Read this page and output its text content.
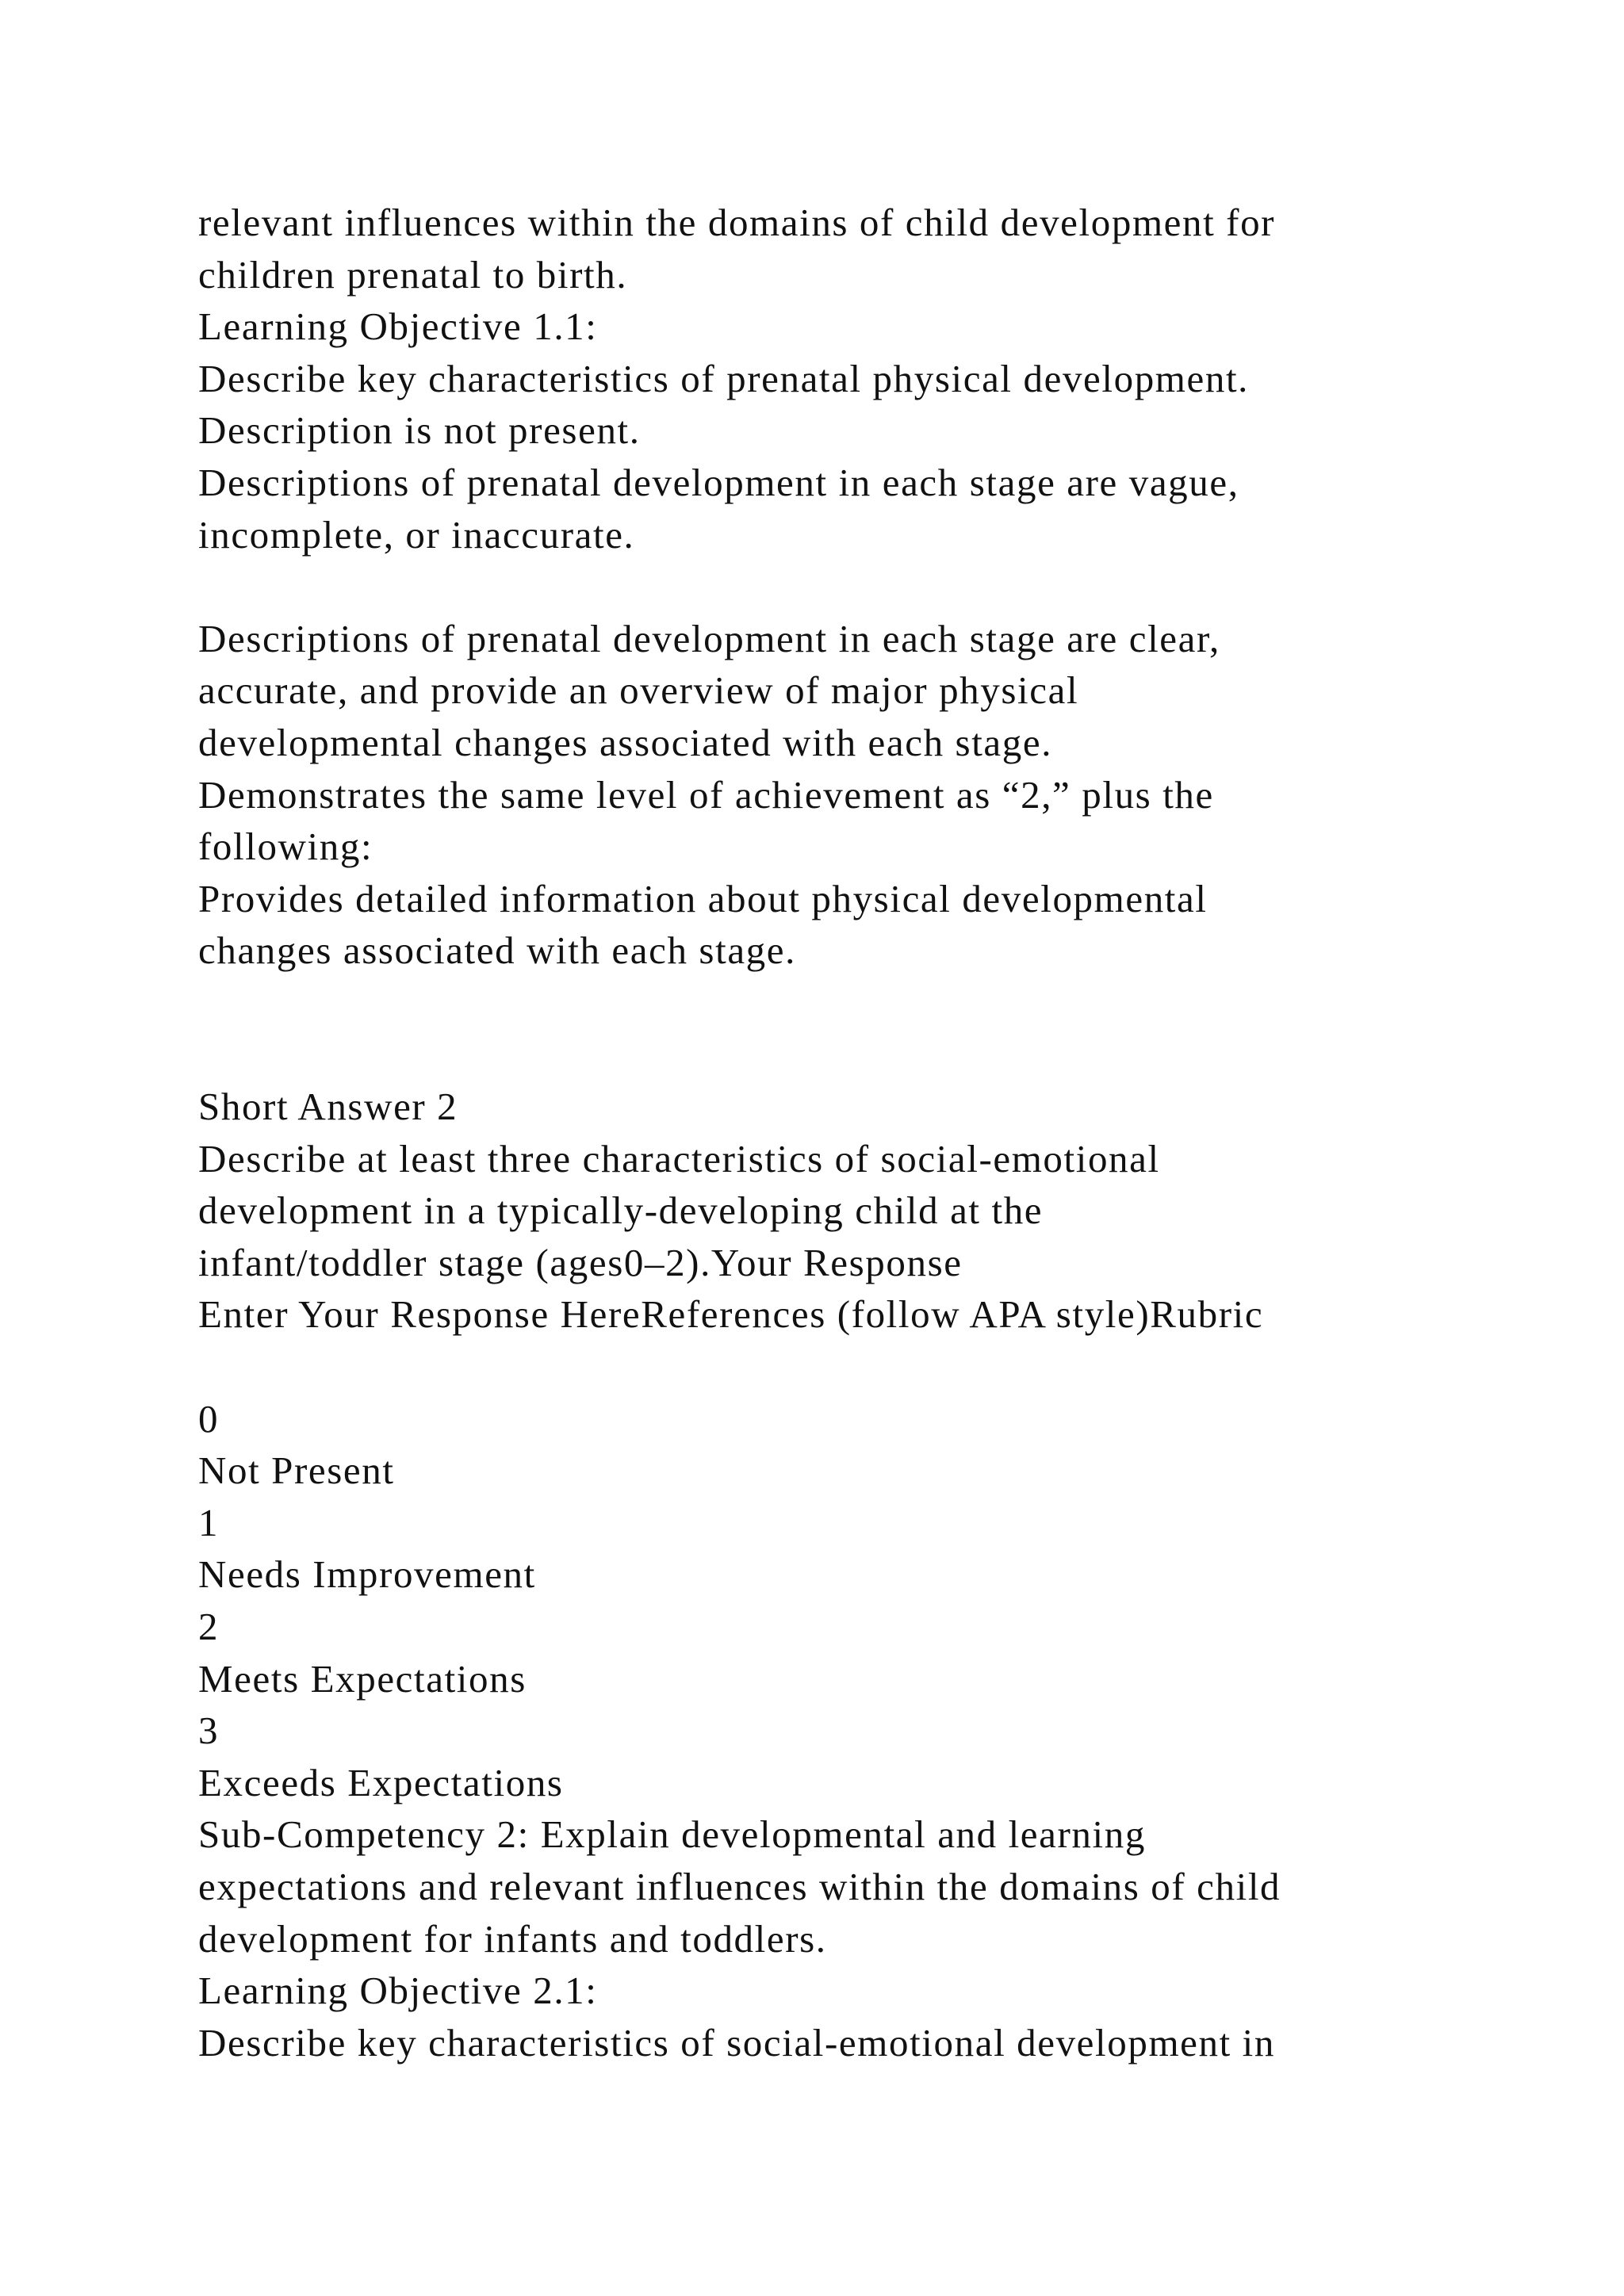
relevant influences within the domains of child development for
children prenatal to birth.
Learning Objective 1.1:
Describe key characteristics of prenatal physical development.
Description is not present.
Descriptions of prenatal development in each stage are vague,
incomplete, or inaccurate.
Descriptions of prenatal development in each stage are clear,
accurate, and provide an overview of major physical
developmental changes associated with each stage.
Demonstrates the same level of achievement as “2,” plus the
following:
Provides detailed information about physical developmental
changes associated with each stage.
Short Answer 2
Describe at least three characteristics of social-emotional
development in a typically-developing child at the
infant/toddler stage (ages0–2).Your Response
Enter Your Response HereReferences (follow APA style)Rubric
0
Not Present
1
Needs Improvement
2
Meets Expectations
3
Exceeds Expectations
Sub-Competency 2: Explain developmental and learning
expectations and relevant influences within the domains of child
development for infants and toddlers.
Learning Objective 2.1:
Describe key characteristics of social-emotional development in
